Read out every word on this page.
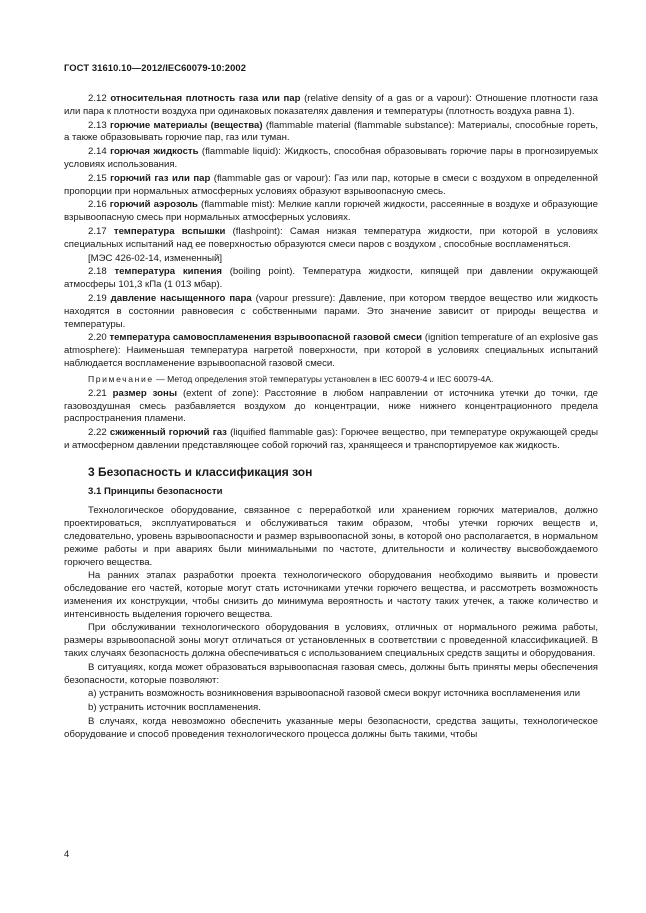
ГОСТ 31610.10—2012/IEC60079-10:2002

2.12 относительная плотность газа или пар (relative density of a gas or a vapour): Отношение плотности газа или пара к плотности воздуха при одинаковых показателях давления и температуры (плотность воздуха равна 1).

2.13 горючие материалы (вещества) (flammable material (flammable substance): Материалы, способные гореть, а также образовывать горючие пар, газ или туман.

2.14 горючая жидкость (flammable liquid): Жидкость, способная образовывать горючие пары в прогнозируемых условиях использования.

2.15 горючий газ или пар (flammable gas or vapour): Газ или пар, которые в смеси с воздухом в определенной пропорции при нормальных атмосферных условиях образуют взрывоопасную смесь.

2.16 горючий аэрозоль (flammable mist): Мелкие капли горючей жидкости, рассеянные в воздухе и образующие взрывоопасную смесь при нормальных атмосферных условиях.

2.17 температура вспышки (flashpoint): Самая низкая температура жидкости, при которой в условиях специальных испытаний над ее поверхностью образуются смеси паров с воздухом , способные воспламеняться.

[МЭС 426-02-14, измененный]

2.18 температура кипения (boiling point). Температура жидкости, кипящей при давлении окружающей атмосферы 101,3 кПа (1 013 мбар).

2.19 давление насыщенного пара (vapour pressure): Давление, при котором твердое вещество или жидкость находятся в состоянии равновесия с собственными парами. Это значение зависит от природы вещества и температуры.

2.20 температура самовоспламенения взрывоопасной газовой смеси (ignition temperature of an explosive gas atmosphere): Наименьшая температура нагретой поверхности, при которой в условиях специальных испытаний наблюдается воспламенение взрывоопасной газовой смеси.

Примечание — Метод определения этой температуры установлен в IEC 60079-4 и IEC 60079-4A.

2.21 размер зоны (extent of zone): Расстояние в любом направлении от источника утечки до точки, где газовоздушная смесь разбавляется воздухом до концентрации, ниже нижнего концентрационного предела распространения пламени.

2.22 сжиженный горючий газ (liquified flammable gas): Горючее вещество, при температуре окружающей среды и атмосферном давлении представляющее собой горючий газ, хранящееся и транспортируемое как жидкость.

3 Безопасность и классификация зон
3.1 Принципы безопасности

Технологическое оборудование, связанное с переработкой или хранением горючих материалов, должно проектироваться, эксплуатироваться и обслуживаться таким образом, чтобы утечки горючих веществ и, следовательно, уровень взрывоопасности и размер взрывоопасной зоны, в которой оно располагается, в нормальном режиме работы и при авариях были минимальными по частоте, длительности и количеству высвобождаемого горючего вещества.

На ранних этапах разработки проекта технологического оборудования необходимо выявить и провести обследование его частей, которые могут стать источниками утечки горючего вещества, и рассмотреть возможность изменения их конструкции, чтобы снизить до минимума вероятность и частоту таких утечек, а также количество и интенсивность выделения горючего вещества.

При обслуживании технологического оборудования в условиях, отличных от нормального режима работы, размеры взрывоопасной зоны могут отличаться от установленных в соответствии с проведенной классификацией. В таких случаях безопасность должна обеспечиваться с использованием специальных средств защиты и оборудования.

В ситуациях, когда может образоваться взрывоопасная газовая смесь, должны быть приняты меры обеспечения безопасности, которые позволяют:

а) устранить возможность возникновения взрывоопасной газовой смеси вокруг источника воспламенения или

b) устранить источник воспламенения.

В случаях, когда невозможно обеспечить указанные меры безопасности, средства защиты, технологическое оборудование и способ проведения технологического процесса должны быть такими, чтобы

4
